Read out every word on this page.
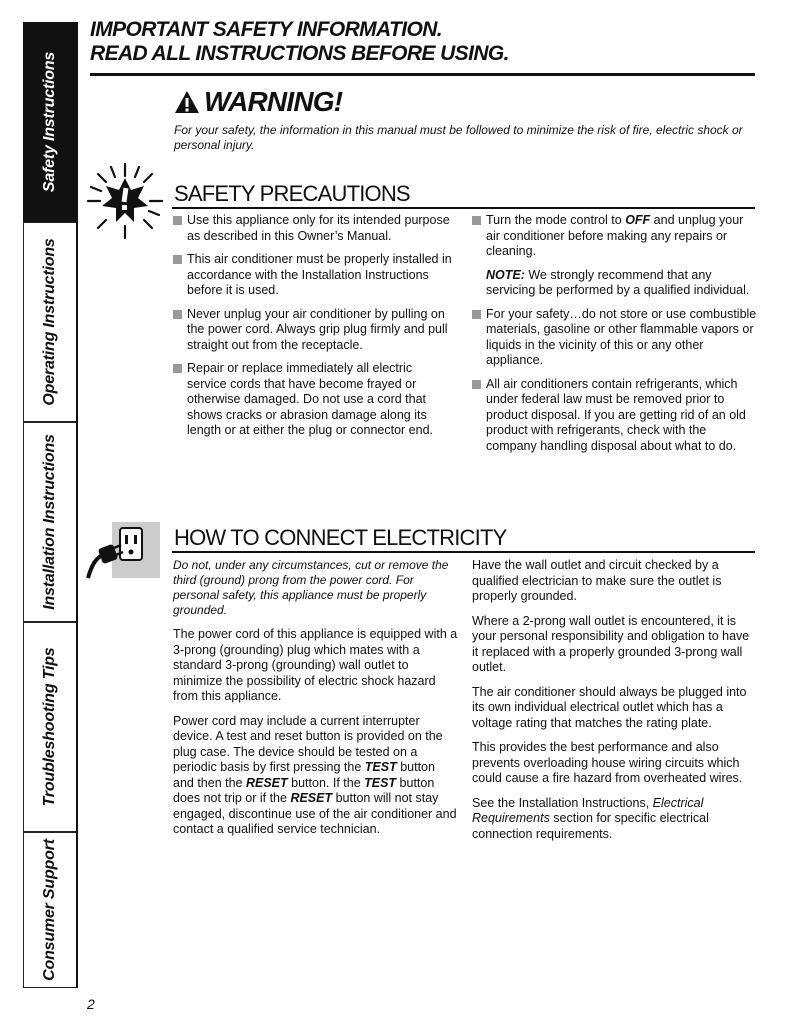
Safety Instructions
Operating Instructions
Installation Instructions
Troubleshooting Tips
Consumer Support
IMPORTANT SAFETY INFORMATION.
READ ALL INSTRUCTIONS BEFORE USING.
WARNING!
For your safety, the information in this manual must be followed to minimize the risk of fire, electric shock or personal injury.
SAFETY PRECAUTIONS
Use this appliance only for its intended purpose as described in this Owner’s Manual.
This air conditioner must be properly installed in accordance with the Installation Instructions before it is used.
Never unplug your air conditioner by pulling on the power cord. Always grip plug firmly and pull straight out from the receptacle.
Repair or replace immediately all electric service cords that have become frayed or otherwise damaged. Do not use a cord that shows cracks or abrasion damage along its length or at either the plug or connector end.
Turn the mode control to OFF and unplug your air conditioner before making any repairs or cleaning.
NOTE: We strongly recommend that any servicing be performed by a qualified individual.
For your safety…do not store or use combustible materials, gasoline or other flammable vapors or liquids in the vicinity of this or any other appliance.
All air conditioners contain refrigerants, which under federal law must be removed prior to product disposal. If you are getting rid of an old product with refrigerants, check with the company handling disposal about what to do.
HOW TO CONNECT ELECTRICITY
Do not, under any circumstances, cut or remove the third (ground) prong from the power cord. For personal safety, this appliance must be properly grounded.
The power cord of this appliance is equipped with a 3-prong (grounding) plug which mates with a standard 3-prong (grounding) wall outlet to minimize the possibility of electric shock hazard from this appliance.
Power cord may include a current interrupter device. A test and reset button is provided on the plug case. The device should be tested on a periodic basis by first pressing the TEST button and then the RESET button. If the TEST button does not trip or if the RESET button will not stay engaged, discontinue use of the air conditioner and contact a qualified service technician.
Have the wall outlet and circuit checked by a qualified electrician to make sure the outlet is properly grounded.
Where a 2-prong wall outlet is encountered, it is your personal responsibility and obligation to have it replaced with a properly grounded 3-prong wall outlet.
The air conditioner should always be plugged into its own individual electrical outlet which has a voltage rating that matches the rating plate.
This provides the best performance and also prevents overloading house wiring circuits which could cause a fire hazard from overheated wires.
See the Installation Instructions, Electrical Requirements section for specific electrical connection requirements.
2
